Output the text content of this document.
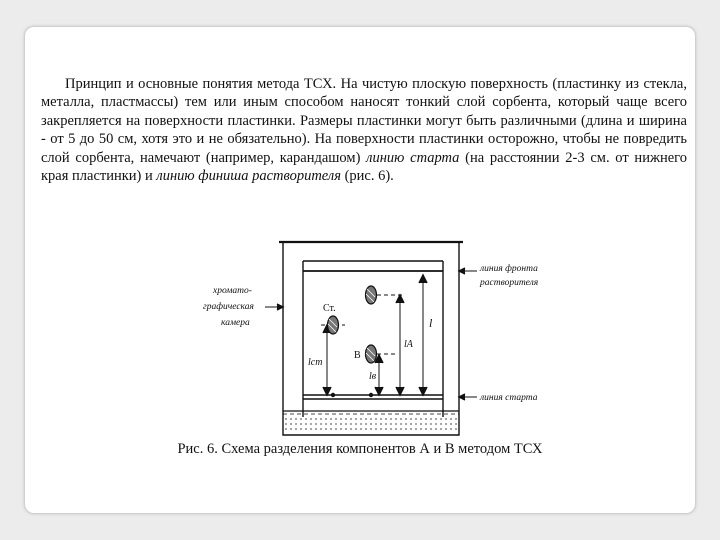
Принцип и основные понятия метода ТСХ. На чистую плоскую поверхность (пластинку из стекла, металла, пластмассы) тем или иным способом наносят тонкий слой сорбента, который чаще всего закрепляется на поверхности пластинки. Размеры пластинки могут быть различными (длина и ширина - от 5 до 50 см, хотя это и не обязательно). На поверхности пластинки осторожно, чтобы не повредить слой сорбента, намечают (например, карандашом) линию старта (на расстоянии 2-3 см. от нижнего края пластинки) и линию финиша растворителя (рис. 6).

Ст.
B
l
lA
lст
lв
хромато-
графическая
камера
линия фронта
растворителя
линия старта
Рис. 6. Схема разделения компонентов А и В методом ТСХ
